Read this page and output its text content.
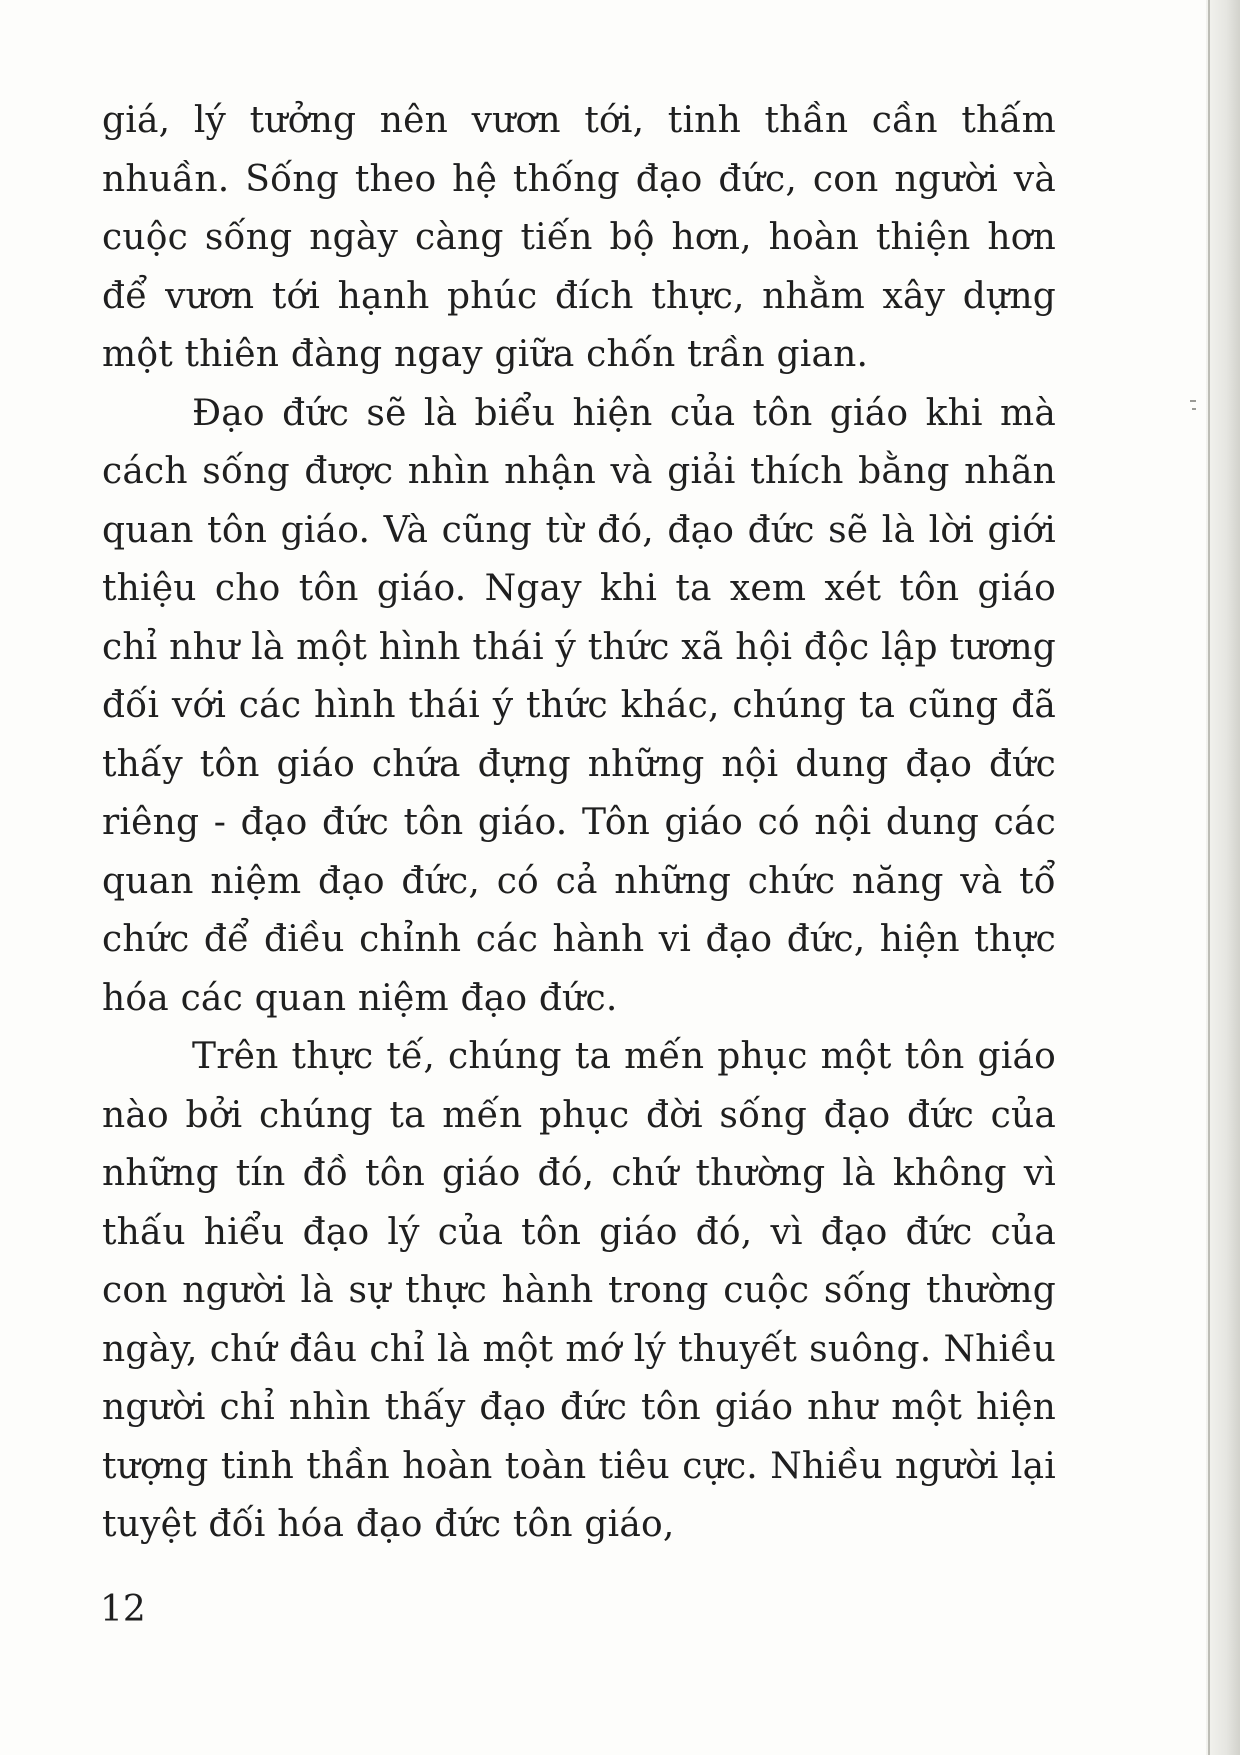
giá, lý tưởng nên vươn tới, tinh thần cần thấm nhuần. Sống theo hệ thống đạo đức, con người và cuộc sống ngày càng tiến bộ hơn, hoàn thiện hơn để vươn tới hạnh phúc đích thực, nhằm xây dựng một thiên đàng ngay giữa chốn trần gian.

Đạo đức sẽ là biểu hiện của tôn giáo khi mà cách sống được nhìn nhận và giải thích bằng nhãn quan tôn giáo. Và cũng từ đó, đạo đức sẽ là lời giới thiệu cho tôn giáo. Ngay khi ta xem xét tôn giáo chỉ như là một hình thái ý thức xã hội độc lập tương đối với các hình thái ý thức khác, chúng ta cũng đã thấy tôn giáo chứa đựng những nội dung đạo đức riêng - đạo đức tôn giáo. Tôn giáo có nội dung các quan niệm đạo đức, có cả những chức năng và tổ chức để điều chỉnh các hành vi đạo đức, hiện thực hóa các quan niệm đạo đức.

Trên thực tế, chúng ta mến phục một tôn giáo nào bởi chúng ta mến phục đời sống đạo đức của những tín đồ tôn giáo đó, chứ thường là không vì thấu hiểu đạo lý của tôn giáo đó, vì đạo đức của con người là sự thực hành trong cuộc sống thường ngày, chứ đâu chỉ là một mớ lý thuyết suông. Nhiều người chỉ nhìn thấy đạo đức tôn giáo như một hiện tượng tinh thần hoàn toàn tiêu cực. Nhiều người lại tuyệt đối hóa đạo đức tôn giáo,

12
